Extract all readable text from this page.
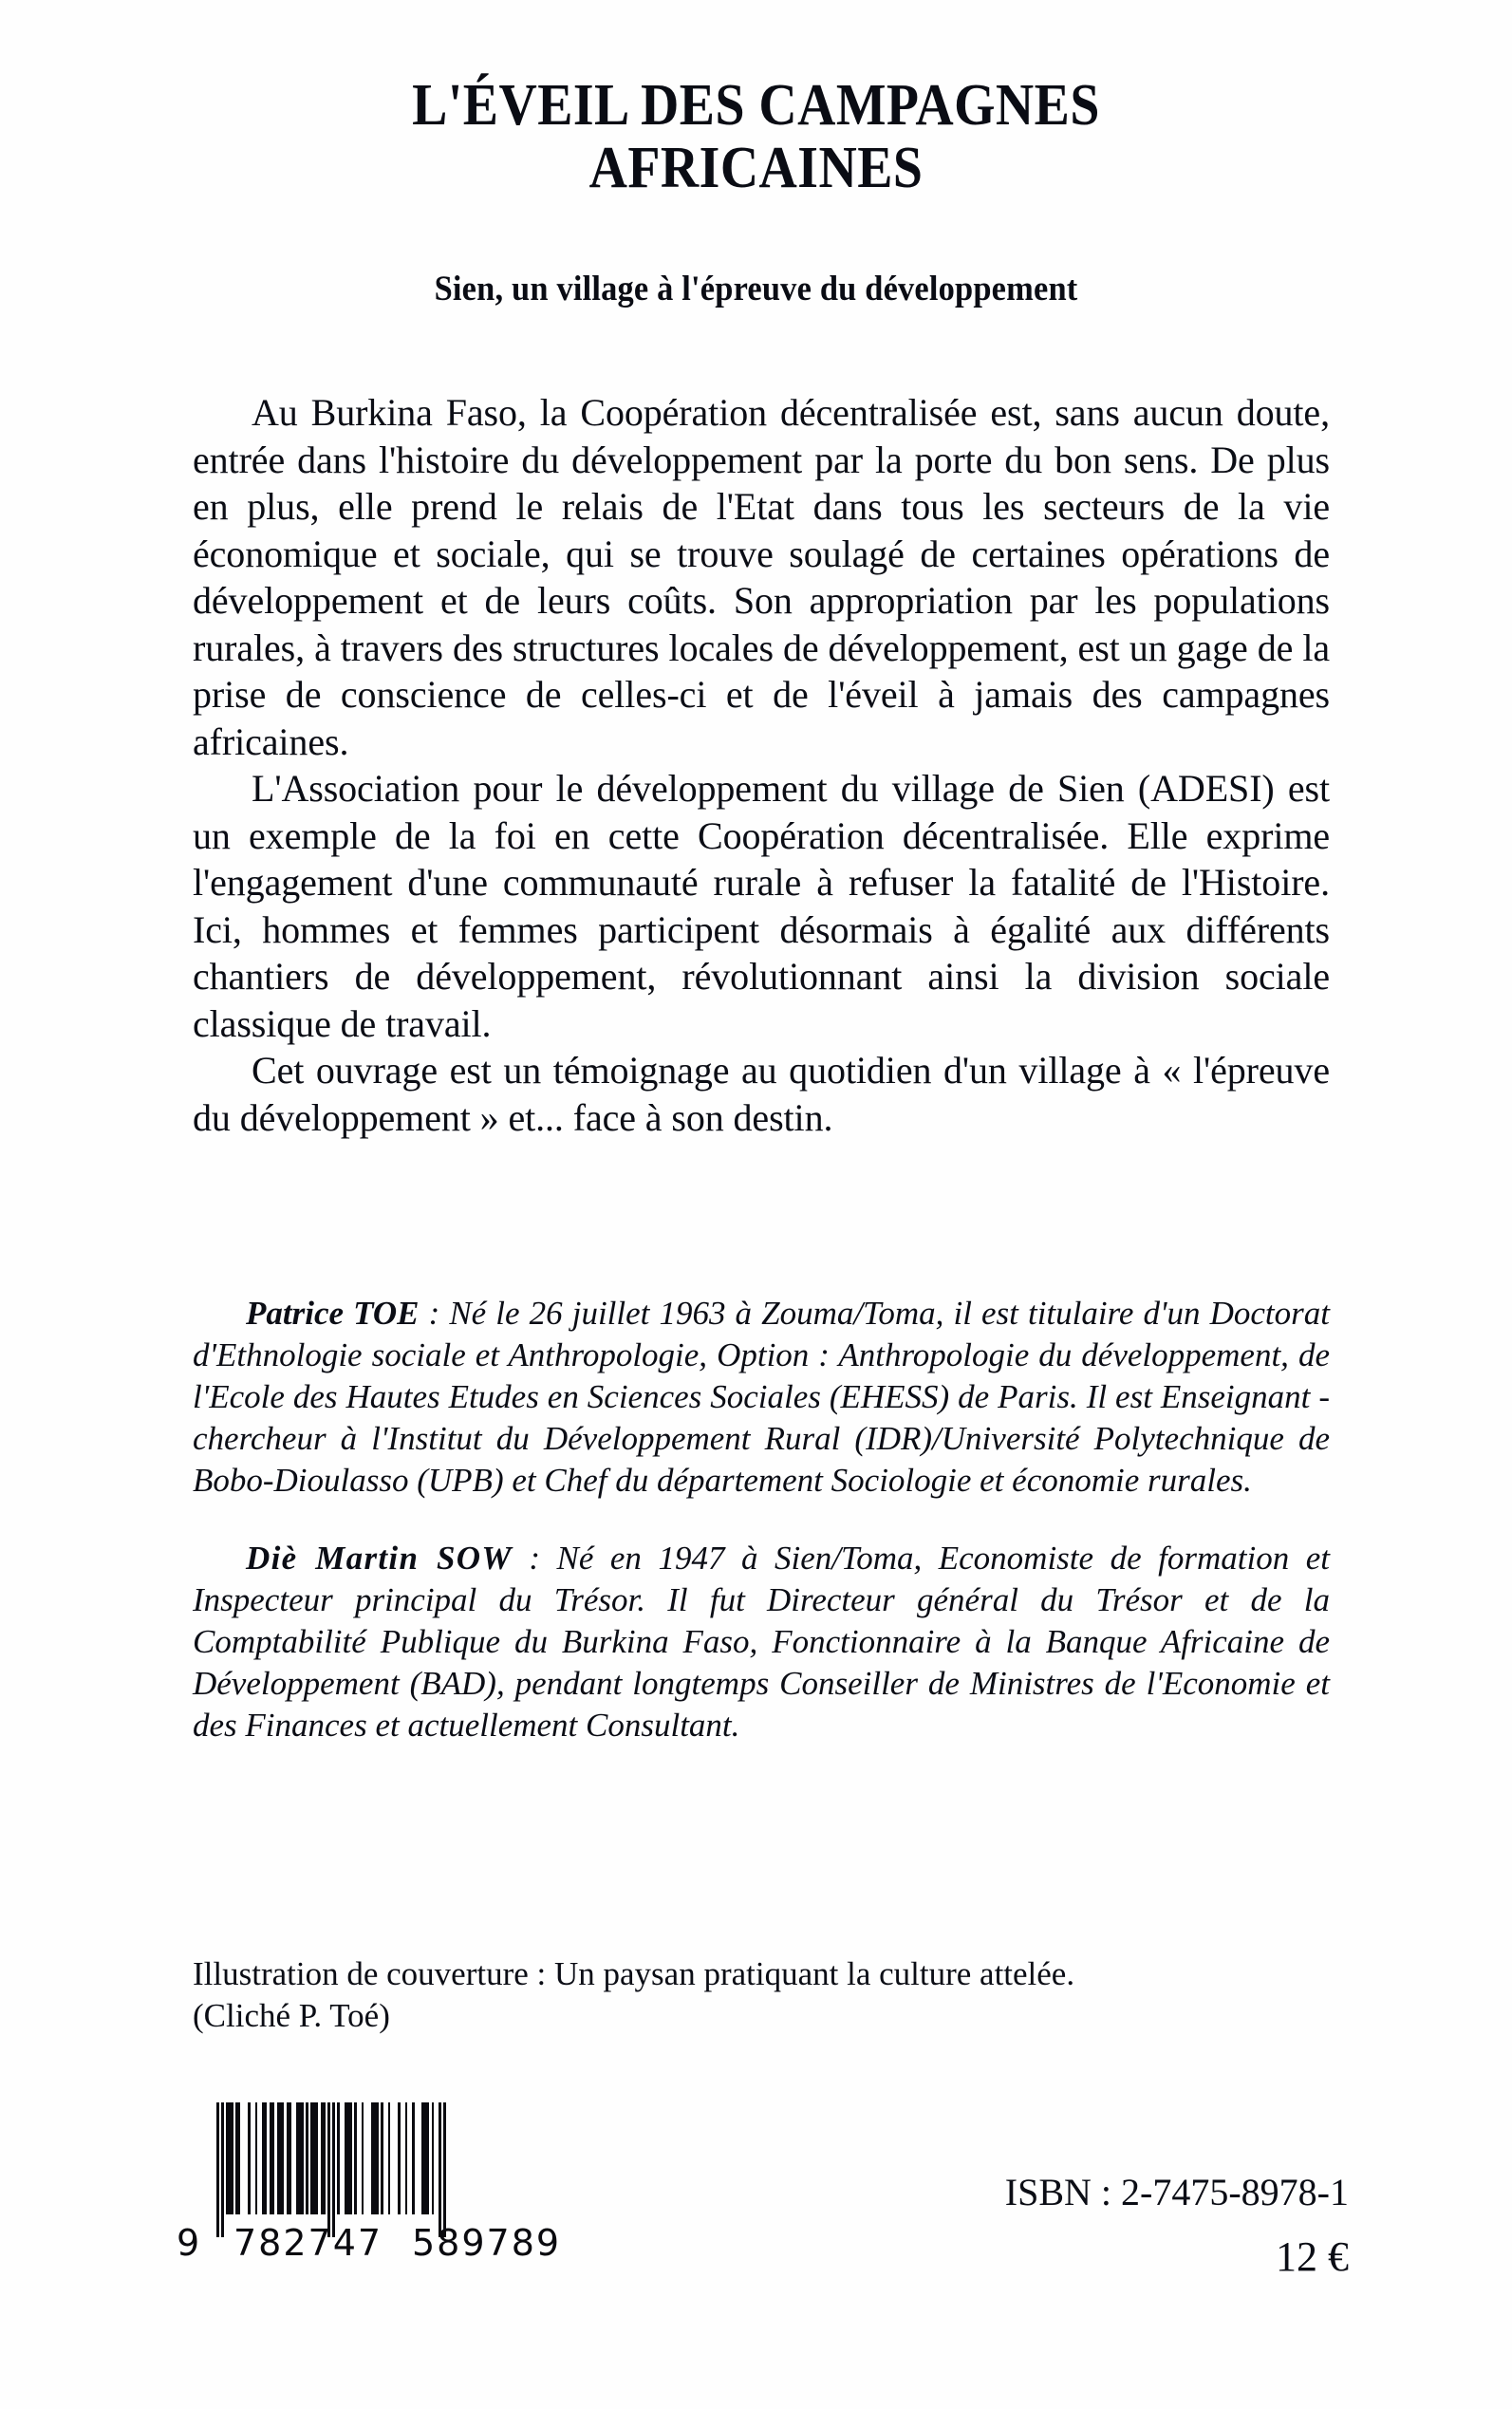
L'ÉVEIL DES CAMPAGNES
AFRICAINES
Sien, un village à l'épreuve du développement

Au Burkina Faso, la Coopération décentralisée est, sans aucun doute, entrée dans l'histoire du développement par la porte du bon sens. De plus en plus, elle prend le relais de l'Etat dans tous les secteurs de la vie économique et sociale, qui se trouve soulagé de certaines opérations de développement et de leurs coûts. Son appropriation par les populations rurales, à travers des structures locales de développement, est un gage de la prise de conscience de celles-ci et de l'éveil à jamais des campagnes africaines.

L'Association pour le développement du village de Sien (ADESI) est un exemple de la foi en cette Coopération décentralisée. Elle exprime l'engagement d'une communauté rurale à refuser la fatalité de l'Histoire. Ici, hommes et femmes participent désormais à égalité aux différents chantiers de développement, révolutionnant ainsi la division sociale classique de travail.

Cet ouvrage est un témoignage au quotidien d'un village à « l'épreuve du développement » et... face à son destin.

Patrice TOE : Né le 26 juillet 1963 à Zouma/Toma, il est titulaire d'un Doctorat d'Ethnologie sociale et Anthropologie, Option : Anthropologie du développement, de l'Ecole des Hautes Etudes en Sciences Sociales (EHESS) de Paris. Il est Enseignant - chercheur à l'Institut du Développement Rural (IDR)/Université Polytechnique de Bobo-Dioulasso (UPB) et Chef du département Sociologie et économie rurales.

Diè Martin SOW : Né en 1947 à Sien/Toma, Economiste de formation et Inspecteur principal du Trésor. Il fut Directeur général du Trésor et de la Comptabilité Publique du Burkina Faso, Fonctionnaire à la Banque Africaine de Développement (BAD), pendant longtemps Conseiller de Ministres de l'Economie et des Finances et actuellement Consultant.

Illustration de couverture : Un paysan pratiquant la culture attelée.
(Cliché P. Toé)
9 782747 589789
ISBN : 2-7475-8978-1
12 €
